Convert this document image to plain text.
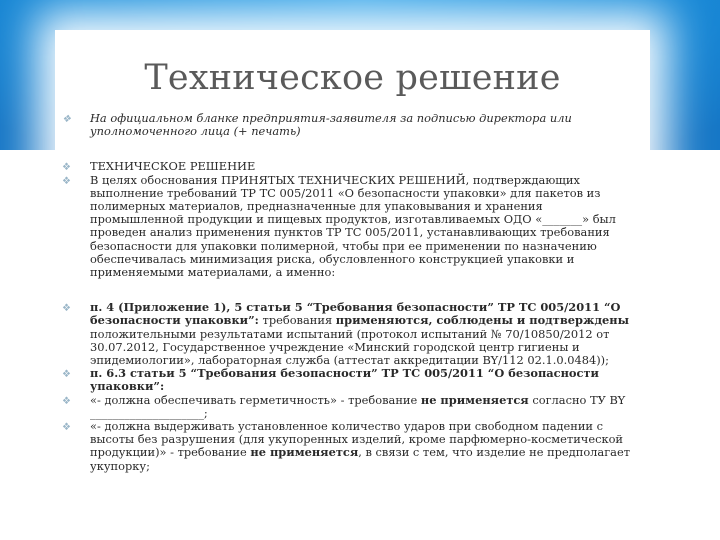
Техническое решение
❖ На официальном бланке предприятия-заявителя за подписью директора или уполномоченного лица (+ печать)
❖ ТЕХНИЧЕСКОЕ РЕШЕНИЕ
❖ В целях обоснования ПРИНЯТЫХ ТЕХНИЧЕСКИХ РЕШЕНИЙ, подтверждающих выполнение требований ТР ТС 005/2011 «О безопасности упаковки» для пакетов из полимерных материалов, предназначенные для упаковывания и хранения промышленной продукции и пищевых продуктов, изготавливаемых ОДО «_______» был проведен анализ применения пунктов ТР ТС 005/2011, устанавливающих требования безопасности для упаковки полимерной, чтобы при ее применении по назначению обеспечивалась минимизация риска, обусловленного конструкцией упаковки и применяемыми материалами, а именно:
❖ п. 4 (Приложение 1), 5 статьи 5 “Требования безопасности” ТР ТС 005/2011 “О безопасности упаковки”: требования применяются, соблюдены и подтверждены положительными результатами испытаний (протокол испытаний № 70/10850/2012 от 30.07.2012, Государственное учреждение «Минский городской центр гигиены и эпидемиологии», лабораторная служба (аттестат аккредитации BY/112 02.1.0.0484));
❖ п. 6.3 статьи 5 “Требования безопасности” ТР ТС 005/2011 “О безопасности упаковки”:
❖ «- должна обеспечивать герметичность» - требование не применяется согласно ТУ BY ____________________;
❖ «- должна выдерживать установленное количество ударов при свободном падении с высоты без разрушения (для укупоренных изделий, кроме парфюмерно-косметической продукции)» - требование не применяется, в связи с тем, что изделие не предполагает укупорку;
